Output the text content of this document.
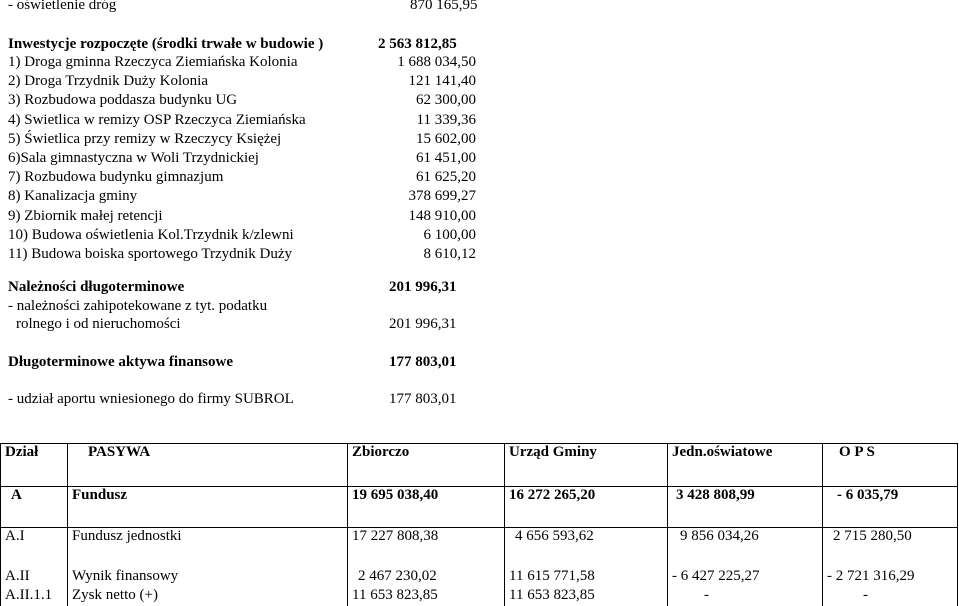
- oświetlenie dróg	870 165,95
Inwestycje rozpoczęte (środki trwałe w budowie )	2 563 812,85
1) Droga gminna Rzeczyca Ziemiańska Kolonia	1 688 034,50
2) Droga Trzydnik Duży Kolonia	121 141,40
3) Rozbudowa poddasza budynku UG	62 300,00
4) Swietlica w remizy OSP Rzeczyca Ziemiańska	11 339,36
5) Świetlica przy remizy w Rzeczycy Księżej	15 602,00
6)Sala gimnastyczna w Woli Trzydnickiej	61 451,00
7) Rozbudowa budynku gimnazjum	61 625,20
8) Kanalizacja gminy	378 699,27
9) Zbiornik małej retencji	148 910,00
10) Budowa oświetlenia Kol.Trzydnik k/zlewni	6 100,00
11) Budowa boiska sportowego Trzydnik Duży	8 610,12
Należności długoterminowe	201 996,31
- należności zahipotekowane z tyt. podatku
rolnego i od nieruchomości	201 996,31
Długoterminowe aktywa finansowe	177 803,01
- udział aportu wniesionego do firmy SUBROL	177 803,01
Dział	PASYWA	Zbiorczo	Urząd Gminy	Jedn.oświatowe	O P S
A	Fundusz	19 695 038,40	16 272 265,20	3 428 808,99	- 6 035,79
A.I	Fundusz jednostki	17 227 808,38	4 656 593,62	9 856 034,26	2 715 280,50
A.II	Wynik finansowy	2 467 230,02	11 615 771,58	- 6 427 225,27	- 2 721 316,29
A.II.1.1	Zysk netto (+)	11 653 823,85	11 653 823,85	-	-
